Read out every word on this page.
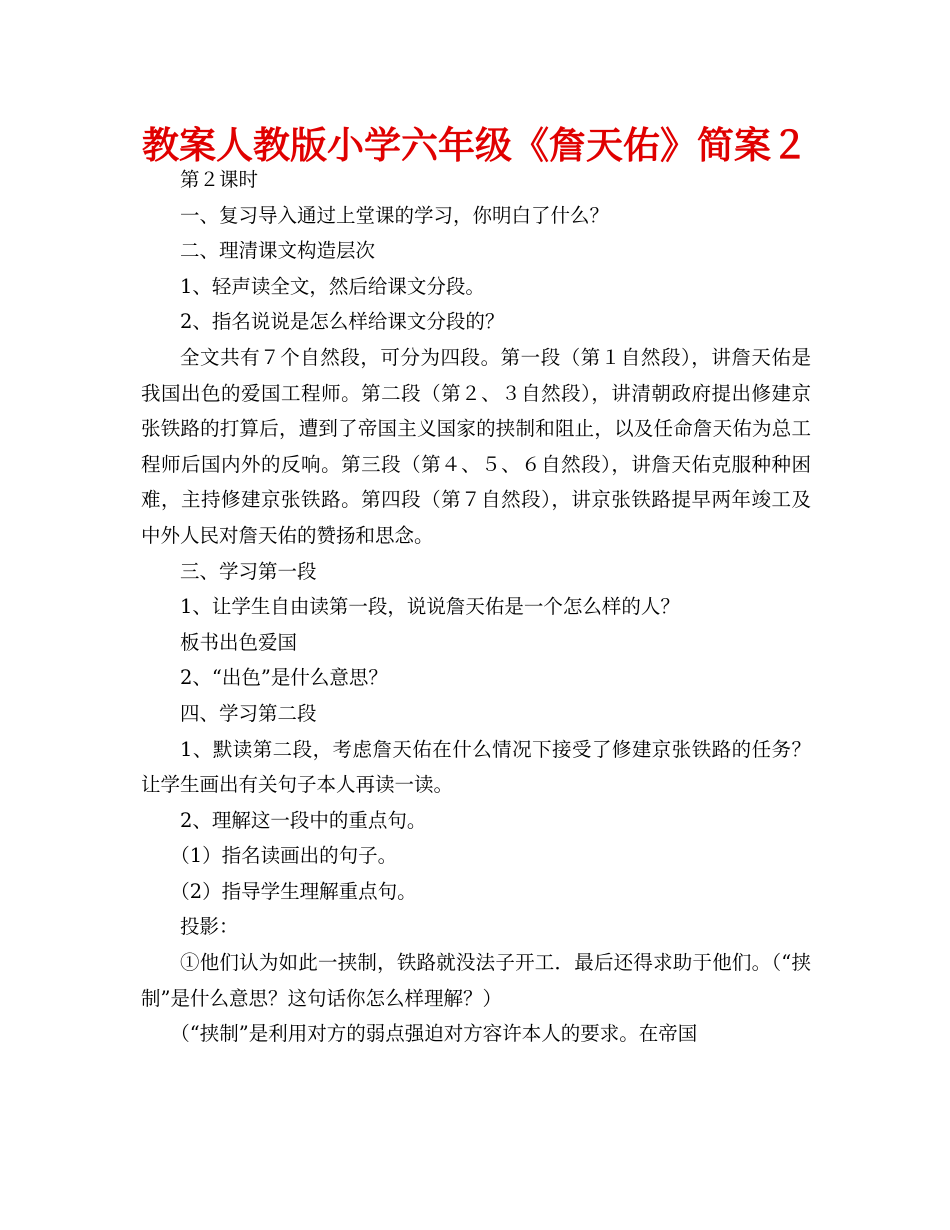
教案人教版小学六年级《詹天佑》简案２

第２课时

一、复习导入通过上堂课的学习，你明白了什么？

二、理清课文构造层次

1、轻声读全文，然后给课文分段。

2、指名说说是怎么样给课文分段的？

全文共有７个自然段，可分为四段。第一段（第１自然段），讲詹天佑是我国出色的爱国工程师。第二段（第２、３自然段），讲清朝政府提出修建京张铁路的打算后，遭到了帝国主义国家的挟制和阻止，以及任命詹天佑为总工程师后国内外的反响。第三段（第４、５、６自然段），讲詹天佑克服种种困难，主持修建京张铁路。第四段（第７自然段），讲京张铁路提早两年竣工及中外人民对詹天佑的赞扬和思念。

三、学习第一段

1、让学生自由读第一段，说说詹天佑是一个怎么样的人？

板书出色爱国

2、“出色”是什么意思？

四、学习第二段

1、默读第二段，考虑詹天佑在什么情况下接受了修建京张铁路的任务？让学生画出有关句子本人再读一读。

2、理解这一段中的重点句。

（1）指名读画出的句子。

（2）指导学生理解重点句。

投影：

①他们认为如此一挟制，铁路就没法子开工．最后还得求助于他们。（“挟制”是什么意思？这句话你怎么样理解？）

（“挟制”是利用对方的弱点强迫对方容许本人的要求。在帝国
